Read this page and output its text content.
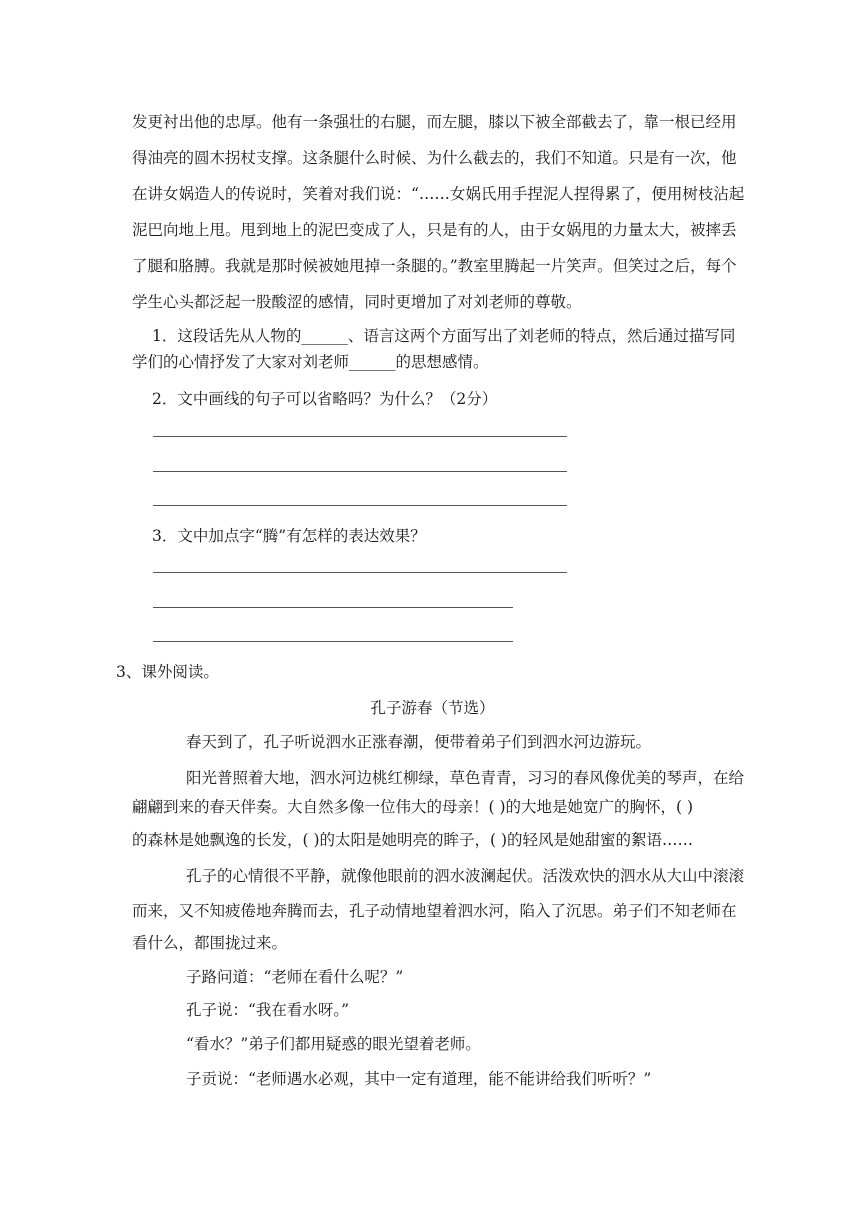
发更衬出他的忠厚。他有一条强壮的右腿，而左腿，膝以下被全部截去了，靠一根已经用
得油亮的圆木拐杖支撑。这条腿什么时候、为什么截去的，我们不知道。只是有一次，他
在讲女娲造人的传说时，笑着对我们说：“……女娲氏用手捏泥人捏得累了，便用树枝沾起
泥巴向地上甩。甩到地上的泥巴变成了人，只是有的人，由于女娲甩的力量太大，被摔丢
了腿和胳膊。我就是那时候被她甩掉一条腿的。”教室里腾起一片笑声。但笑过之后，每个
学生心头都泛起一股酸涩的感情，同时更增加了对刘老师的尊敬。
1．这段话先从人物的______、语言这两个方面写出了刘老师的特点，然后通过描写同
学们的心情抒发了大家对刘老师______的思想感情。
2．文中画线的句子可以省略吗？为什么？（2分）
3．文中加点字“腾”有怎样的表达效果？
3、课外阅读。
孔子游春（节选）
春天到了，孔子听说泗水正涨春潮，便带着弟子们到泗水河边游玩。
阳光普照着大地，泗水河边桃红柳绿，草色青青，习习的春风像优美的琴声，在给
翩翩到来的春天伴奏。大自然多像一位伟大的母亲！( )的大地是她宽广的胸怀，( )
的森林是她飘逸的长发，( )的太阳是她明亮的眸子，( )的轻风是她甜蜜的絮语……
孔子的心情很不平静，就像他眼前的泗水波澜起伏。活泼欢快的泗水从大山中滚滚
而来，又不知疲倦地奔腾而去，孔子动情地望着泗水河，陷入了沉思。弟子们不知老师在
看什么，都围拢过来。
子路问道：“老师在看什么呢？”
孔子说：“我在看水呀。”
“看水？”弟子们都用疑惑的眼光望着老师。
子贡说：“老师遇水必观，其中一定有道理，能不能讲给我们听听？”
